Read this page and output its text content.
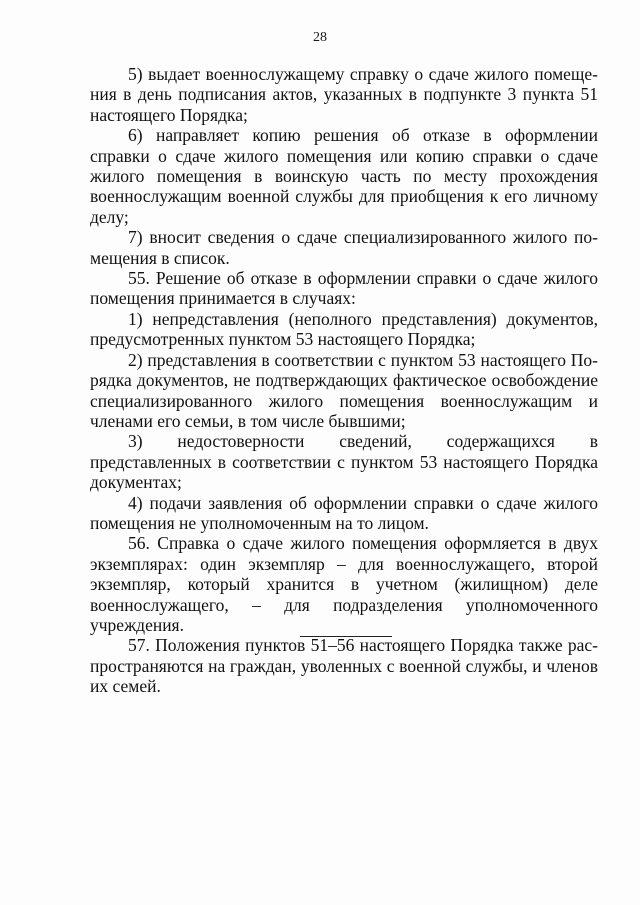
28

5) выдает военнослужащему справку о сдаче жилого помещения в день подписания актов, указанных в подпункте 3 пункта 51 настоящего Порядка;

6) направляет копию решения об отказе в оформлении справки о сдаче жилого помещения или копию справки о сдаче жилого помещения в воинскую часть по месту прохождения военнослужащим военной службы для приобщения к его личному делу;

7) вносит сведения о сдаче специализированного жилого помещения в список.

55. Решение об отказе в оформлении справки о сдаче жилого помещения принимается в случаях:

1) непредставления (неполного представления) документов, предусмотренных пунктом 53 настоящего Порядка;

2) представления в соответствии с пунктом 53 настоящего Порядка документов, не подтверждающих фактическое освобождение специализированного жилого помещения военнослужащим и членами его семьи, в том числе бывшими;

3) недостоверности сведений, содержащихся в представленных в соответствии с пунктом 53 настоящего Порядка документах;

4) подачи заявления об оформлении справки о сдаче жилого помещения не уполномоченным на то лицом.

56. Справка о сдаче жилого помещения оформляется в двух экземплярах: один экземпляр – для военнослужащего, второй экземпляр, который хранится в учетном (жилищном) деле военнослужащего, – для подразделения уполномоченного учреждения.

57. Положения пунктов 51–56 настоящего Порядка также распространяются на граждан, уволенных с военной службы, и членов их семей.
